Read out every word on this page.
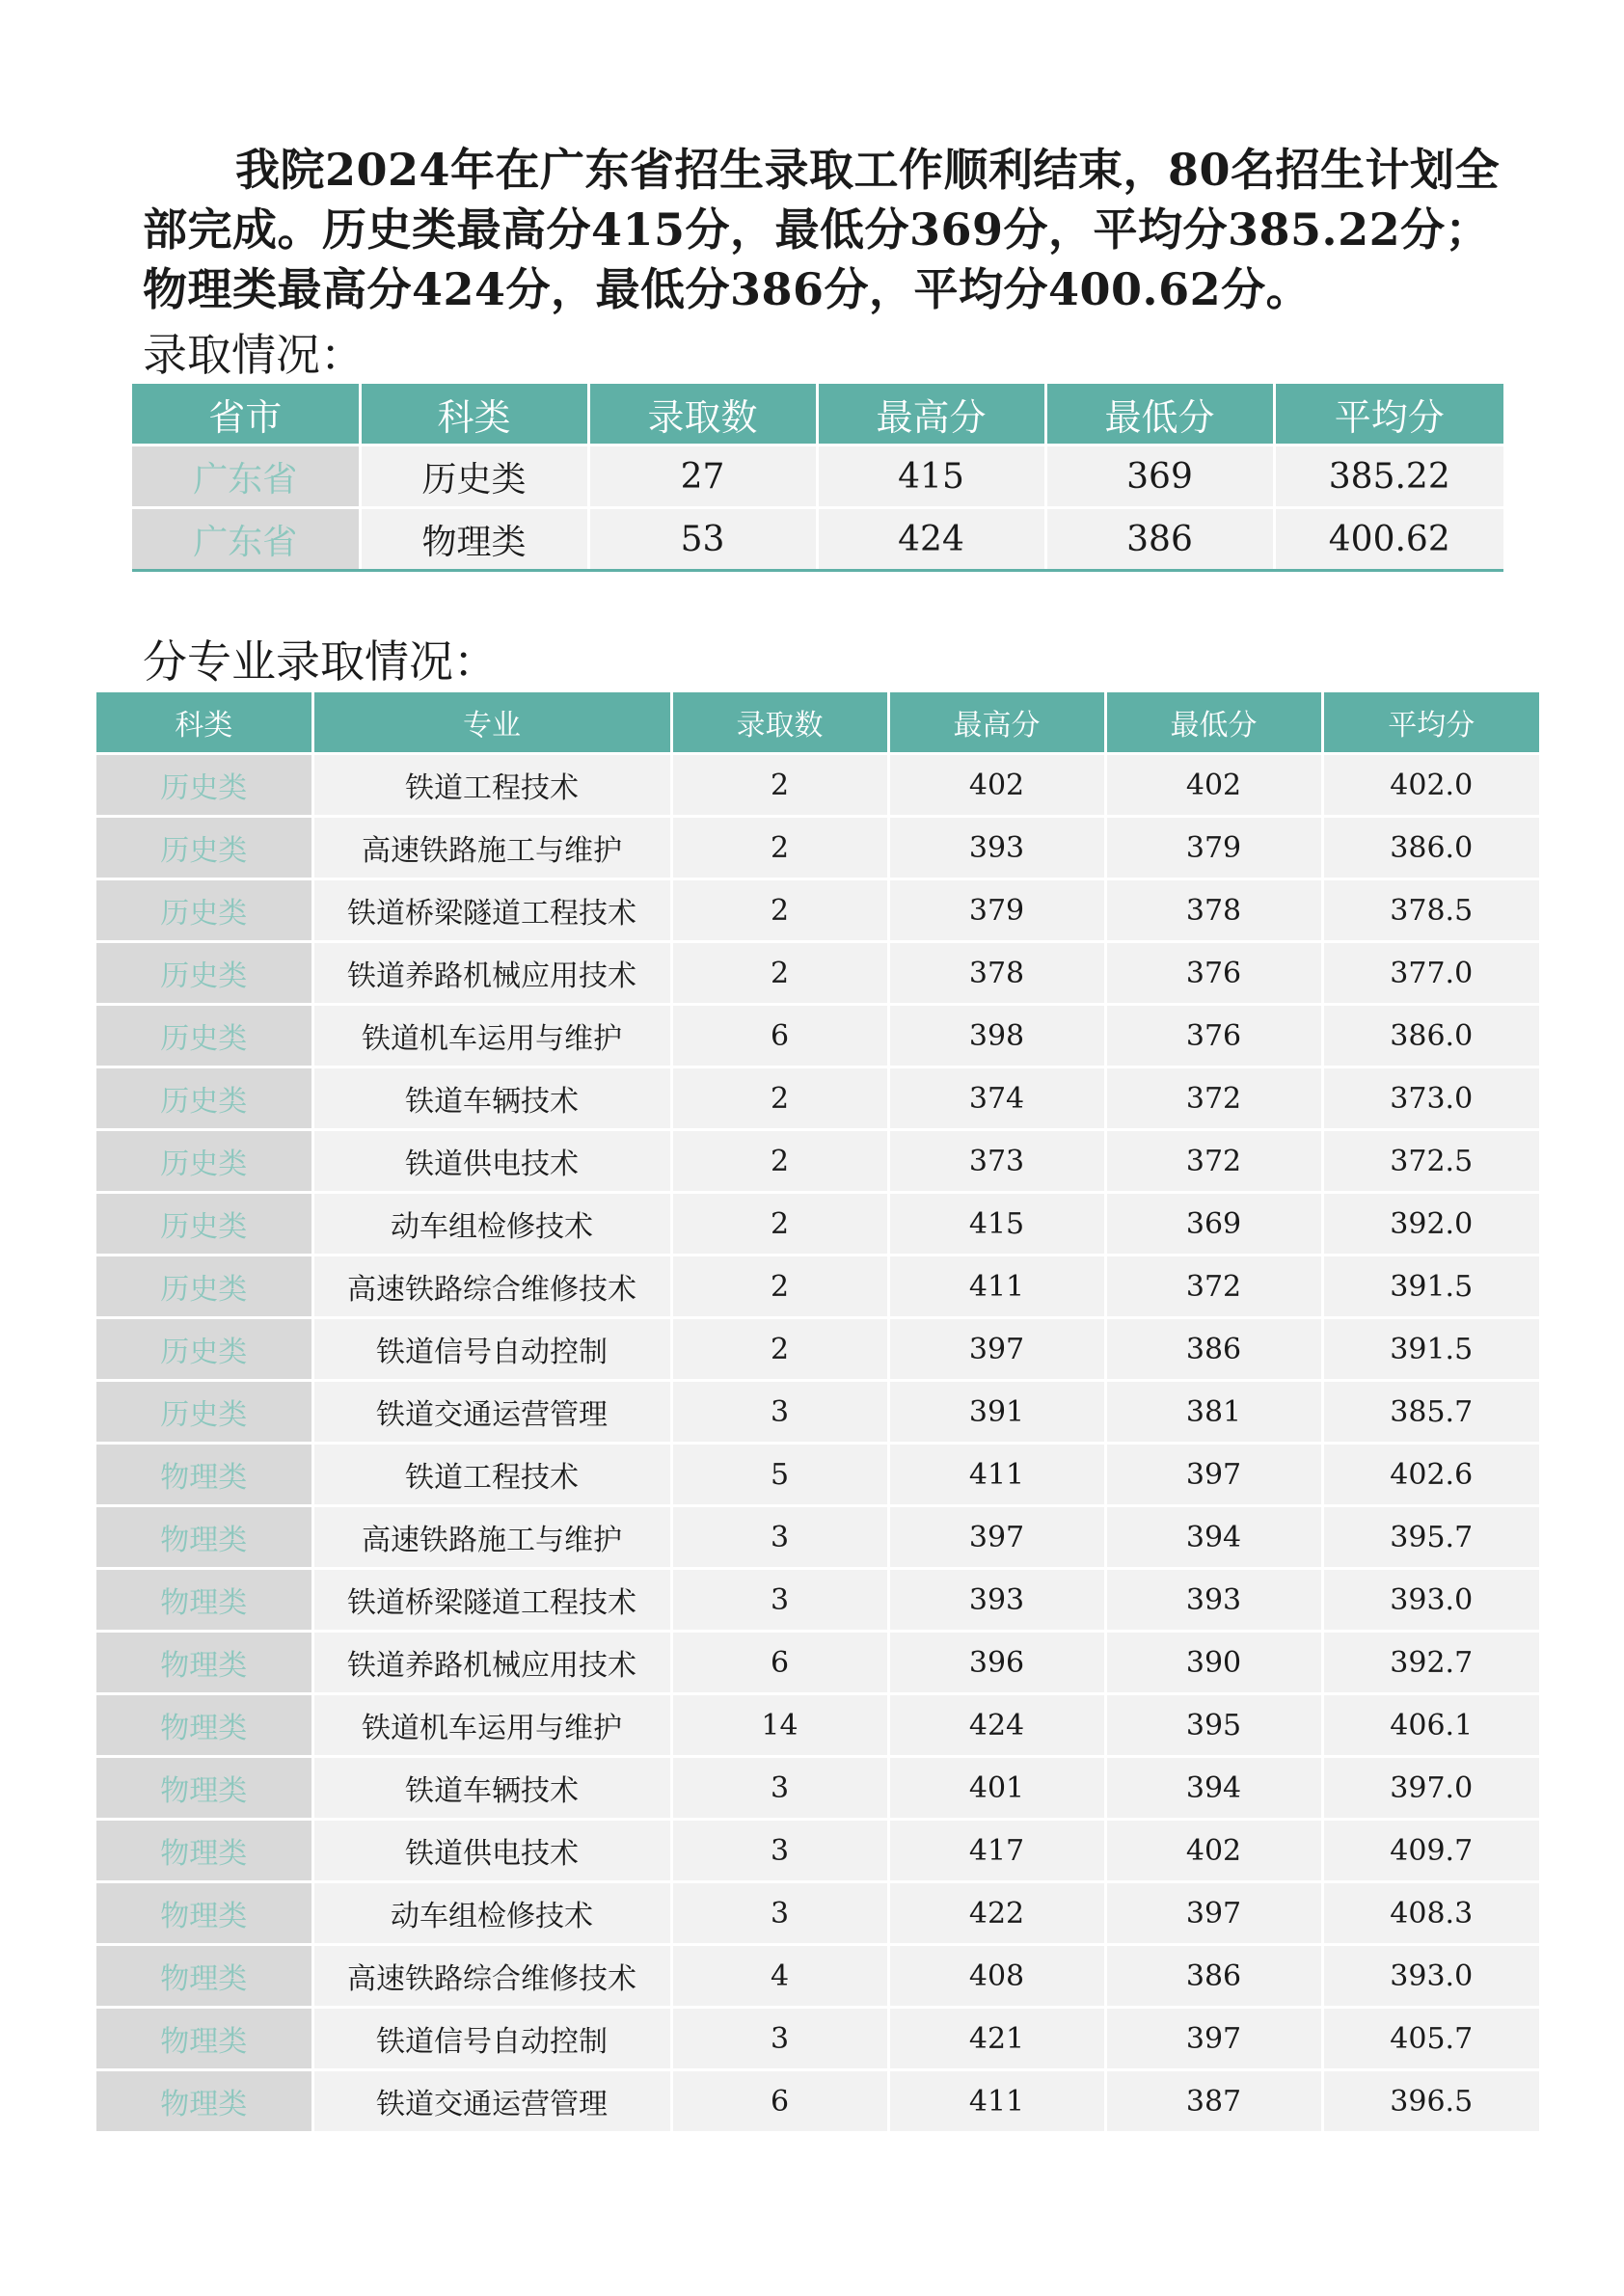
我院2024年在广东省招生录取工作顺利结束，80名招生计划全部完成。历史类最高分415分，最低分369分，平均分385.22分；物理类最高分424分，最低分386分，平均分400.62分。

录取情况：
省市	科类	录取数	最高分	最低分	平均分
广东省	历史类	27	415	369	385.22
广东省	物理类	53	424	386	400.62
分专业录取情况：
科类	专业	录取数	最高分	最低分	平均分
历史类	铁道工程技术	2	402	402	402.0
历史类	高速铁路施工与维护	2	393	379	386.0
历史类	铁道桥梁隧道工程技术	2	379	378	378.5
历史类	铁道养路机械应用技术	2	378	376	377.0
历史类	铁道机车运用与维护	6	398	376	386.0
历史类	铁道车辆技术	2	374	372	373.0
历史类	铁道供电技术	2	373	372	372.5
历史类	动车组检修技术	2	415	369	392.0
历史类	高速铁路综合维修技术	2	411	372	391.5
历史类	铁道信号自动控制	2	397	386	391.5
历史类	铁道交通运营管理	3	391	381	385.7
物理类	铁道工程技术	5	411	397	402.6
物理类	高速铁路施工与维护	3	397	394	395.7
物理类	铁道桥梁隧道工程技术	3	393	393	393.0
物理类	铁道养路机械应用技术	6	396	390	392.7
物理类	铁道机车运用与维护	14	424	395	406.1
物理类	铁道车辆技术	3	401	394	397.0
物理类	铁道供电技术	3	417	402	409.7
物理类	动车组检修技术	3	422	397	408.3
物理类	高速铁路综合维修技术	4	408	386	393.0
物理类	铁道信号自动控制	3	421	397	405.7
物理类	铁道交通运营管理	6	411	387	396.5
